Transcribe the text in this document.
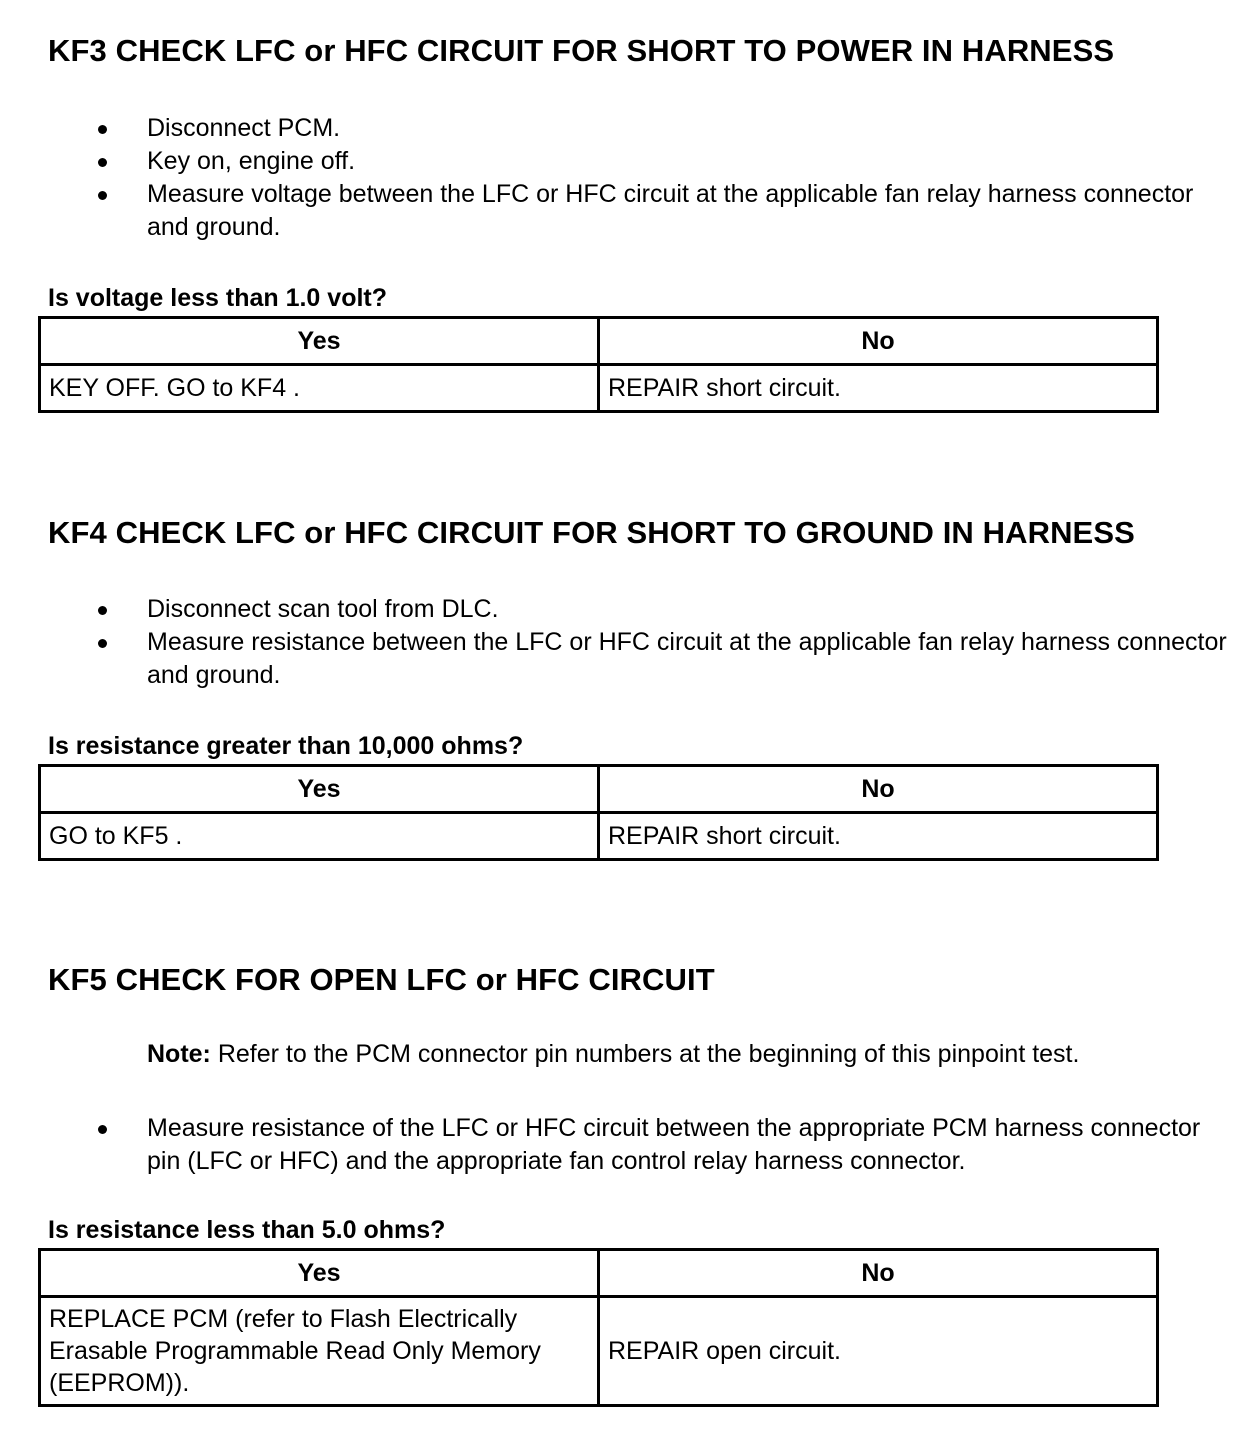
KF3 CHECK LFC or HFC CIRCUIT FOR SHORT TO POWER IN HARNESS
Disconnect PCM.
Key on, engine off.
Measure voltage between the LFC or HFC circuit at the applicable fan relay harness connector and ground.
Is voltage less than 1.0 volt?
Yes	No
KEY OFF. GO to KF4 .	REPAIR short circuit.
KF4 CHECK LFC or HFC CIRCUIT FOR SHORT TO GROUND IN HARNESS
Disconnect scan tool from DLC.
Measure resistance between the LFC or HFC circuit at the applicable fan relay harness connector and ground.
Is resistance greater than 10,000 ohms?
Yes	No
GO to KF5 .	REPAIR short circuit.
KF5 CHECK FOR OPEN LFC or HFC CIRCUIT
Note: Refer to the PCM connector pin numbers at the beginning of this pinpoint test.
Measure resistance of the LFC or HFC circuit between the appropriate PCM harness connector pin (LFC or HFC) and the appropriate fan control relay harness connector.
Is resistance less than 5.0 ohms?
Yes	No
REPLACE PCM (refer to Flash Electrically Erasable Programmable Read Only Memory (EEPROM)).	REPAIR open circuit.
